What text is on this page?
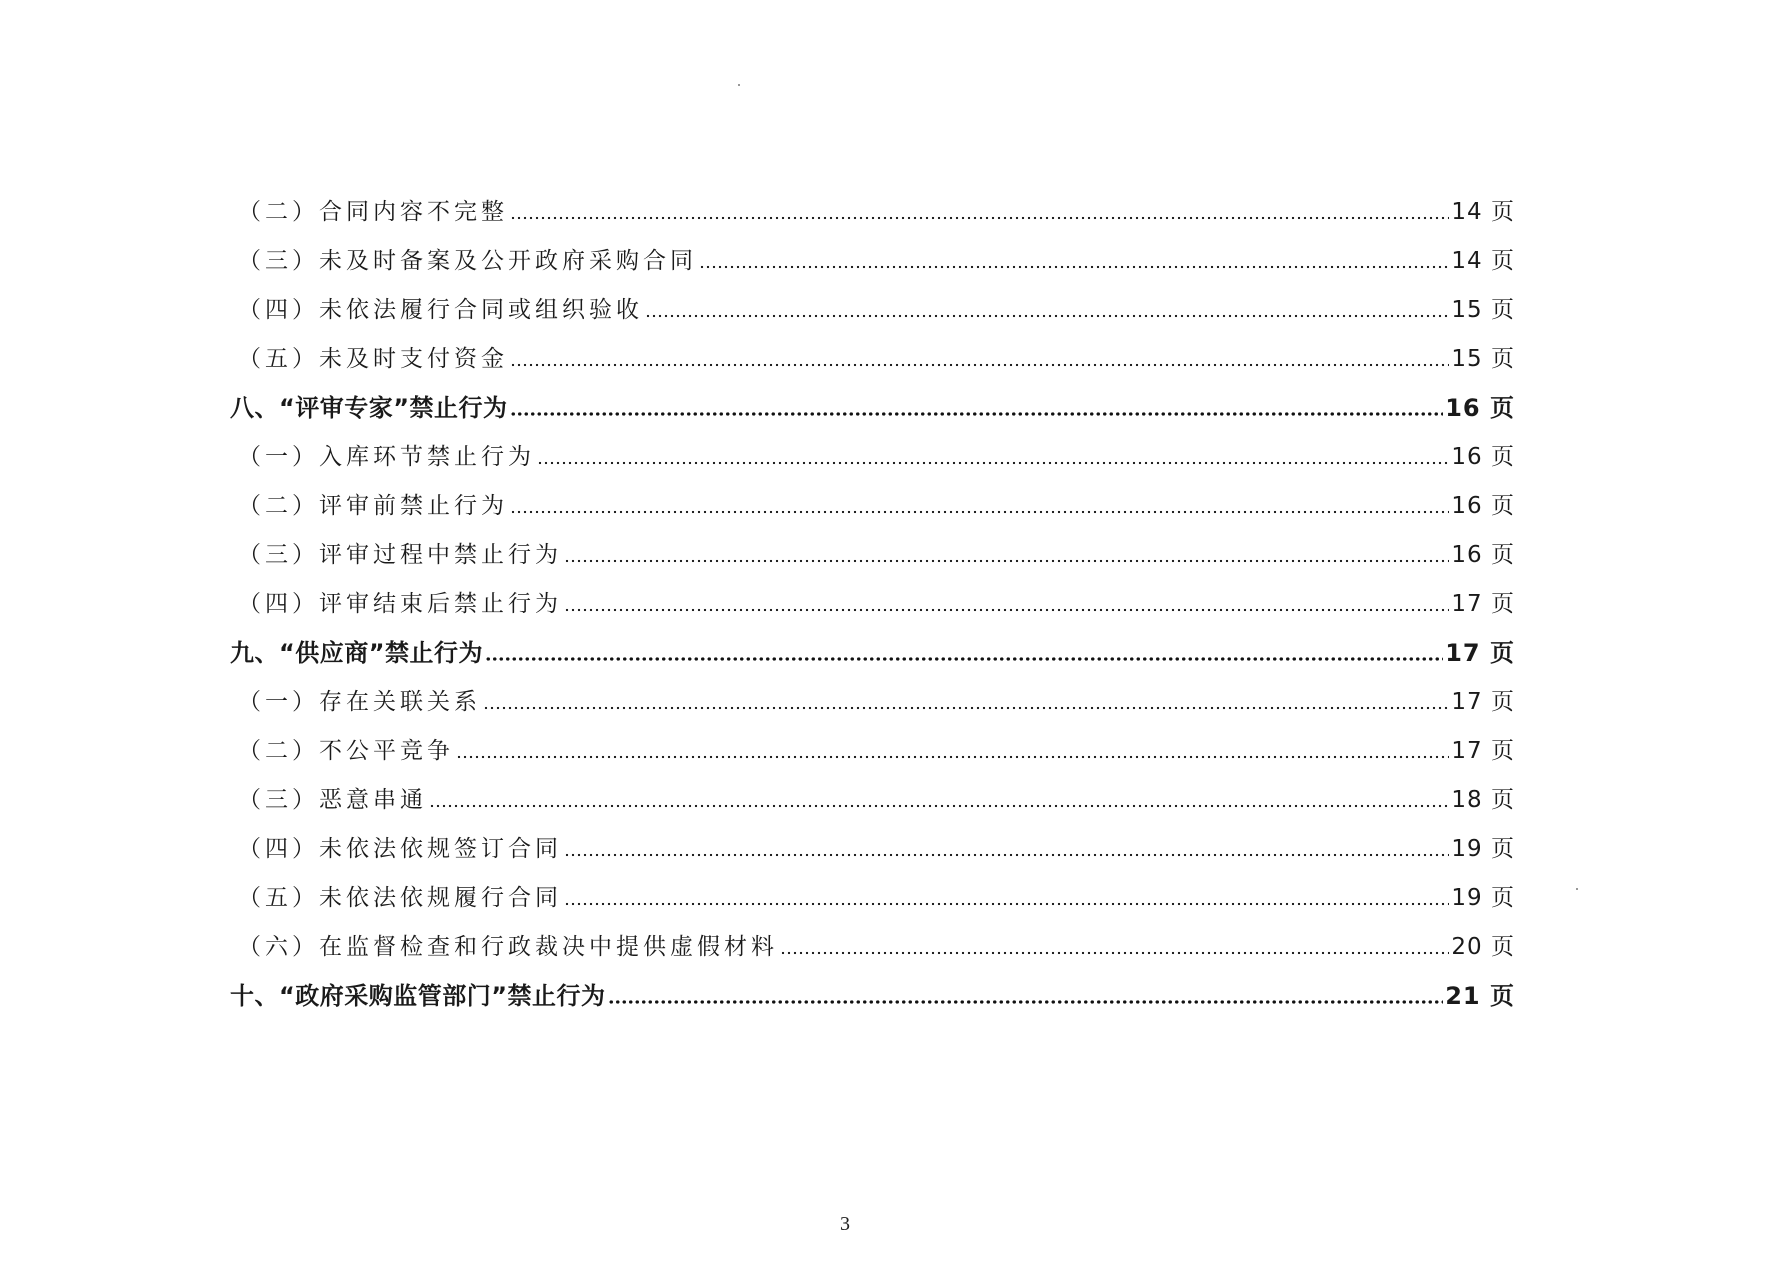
（二）合同内容不完整	14 页
（三）未及时备案及公开政府采购合同	14 页
（四）未依法履行合同或组织验收	15 页
（五）未及时支付资金	15 页
八、“评审专家”禁止行为	16 页
（一）入库环节禁止行为	16 页
（二）评审前禁止行为	16 页
（三）评审过程中禁止行为	16 页
（四）评审结束后禁止行为	17 页
九、“供应商”禁止行为	17 页
（一）存在关联关系	17 页
（二）不公平竞争	17 页
（三）恶意串通	18 页
（四）未依法依规签订合同	19 页
（五）未依法依规履行合同	19 页
（六）在监督检查和行政裁决中提供虚假材料	20 页
十、“政府采购监管部门”禁止行为	21 页
3
